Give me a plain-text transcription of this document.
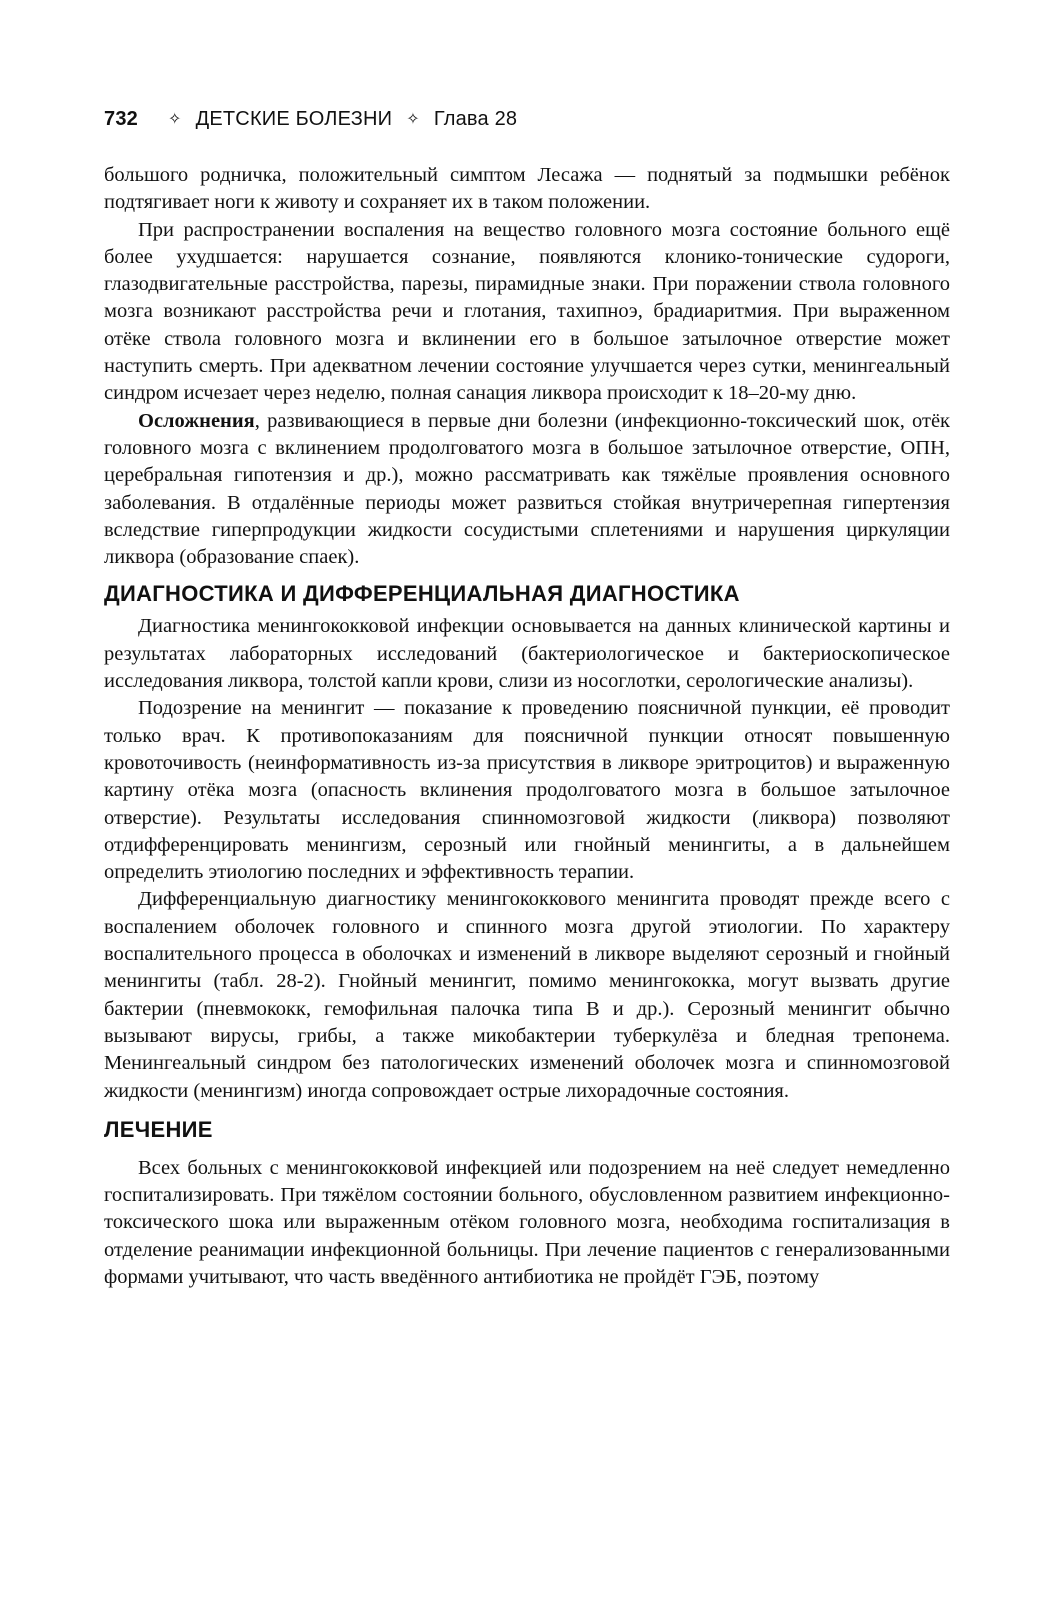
732 ✧ ДЕТСКИЕ БОЛЕЗНИ ✧ Глава 28

большого родничка, положительный симптом Лесажа — поднятый за подмышки ребёнок подтягивает ноги к животу и сохраняет их в таком положении.

При распространении воспаления на вещество головного мозга состояние больного ещё более ухудшается: нарушается сознание, появляются клонико-тонические судороги, глазодвигательные расстройства, парезы, пирамидные знаки. При поражении ствола головного мозга возникают расстройства речи и глотания, тахипноэ, брадиаритмия. При выраженном отёке ствола головного мозга и вклинении его в большое затылочное отверстие может наступить смерть. При адекватном лечении состояние улучшается через сутки, менингеальный синдром исчезает через неделю, полная санация ликвора происходит к 18–20-му дню.

Осложнения, развивающиеся в первые дни болезни (инфекционно-токсический шок, отёк головного мозга с вклинением продолговатого мозга в большое затылочное отверстие, ОПН, церебральная гипотензия и др.), можно рассматривать как тяжёлые проявления основного заболевания. В отдалённые периоды может развиться стойкая внутричерепная гипертензия вследствие гиперпродукции жидкости сосудистыми сплетениями и нарушения циркуляции ликвора (образование спаек).

ДИАГНОСТИКА И ДИФФЕРЕНЦИАЛЬНАЯ ДИАГНОСТИКА

Диагностика менингококковой инфекции основывается на данных клинической картины и результатах лабораторных исследований (бактериологическое и бактериоскопическое исследования ликвора, толстой капли крови, слизи из носоглотки, серологические анализы).

Подозрение на менингит — показание к проведению поясничной пункции, её проводит только врач. К противопоказаниям для поясничной пункции относят повышенную кровоточивость (неинформативность из-за присутствия в ликворе эритроцитов) и выраженную картину отёка мозга (опасность вклинения продолговатого мозга в большое затылочное отверстие). Результаты исследования спинномозговой жидкости (ликвора) позволяют отдифференцировать менингизм, серозный или гнойный менингиты, а в дальнейшем определить этиологию последних и эффективность терапии.

Дифференциальную диагностику менингококкового менингита проводят прежде всего с воспалением оболочек головного и спинного мозга другой этиологии. По характеру воспалительного процесса в оболочках и изменений в ликворе выделяют серозный и гнойный менингиты (табл. 28-2). Гнойный менингит, помимо менингококка, могут вызвать другие бактерии (пневмококк, гемофильная палочка типа B и др.). Серозный менингит обычно вызывают вирусы, грибы, а также микобактерии туберкулёза и бледная трепонема. Менингеальный синдром без патологических изменений оболочек мозга и спинномозговой жидкости (менингизм) иногда сопровождает острые лихорадочные состояния.

ЛЕЧЕНИЕ

Всех больных с менингококковой инфекцией или подозрением на неё следует немедленно госпитализировать. При тяжёлом состоянии больного, обусловленном развитием инфекционно-токсического шока или выраженным отёком головного мозга, необходима госпитализация в отделение реанимации инфекционной больницы. При лечение пациентов с генерализованными формами учитывают, что часть введённого антибиотика не пройдёт ГЭБ, поэтому
